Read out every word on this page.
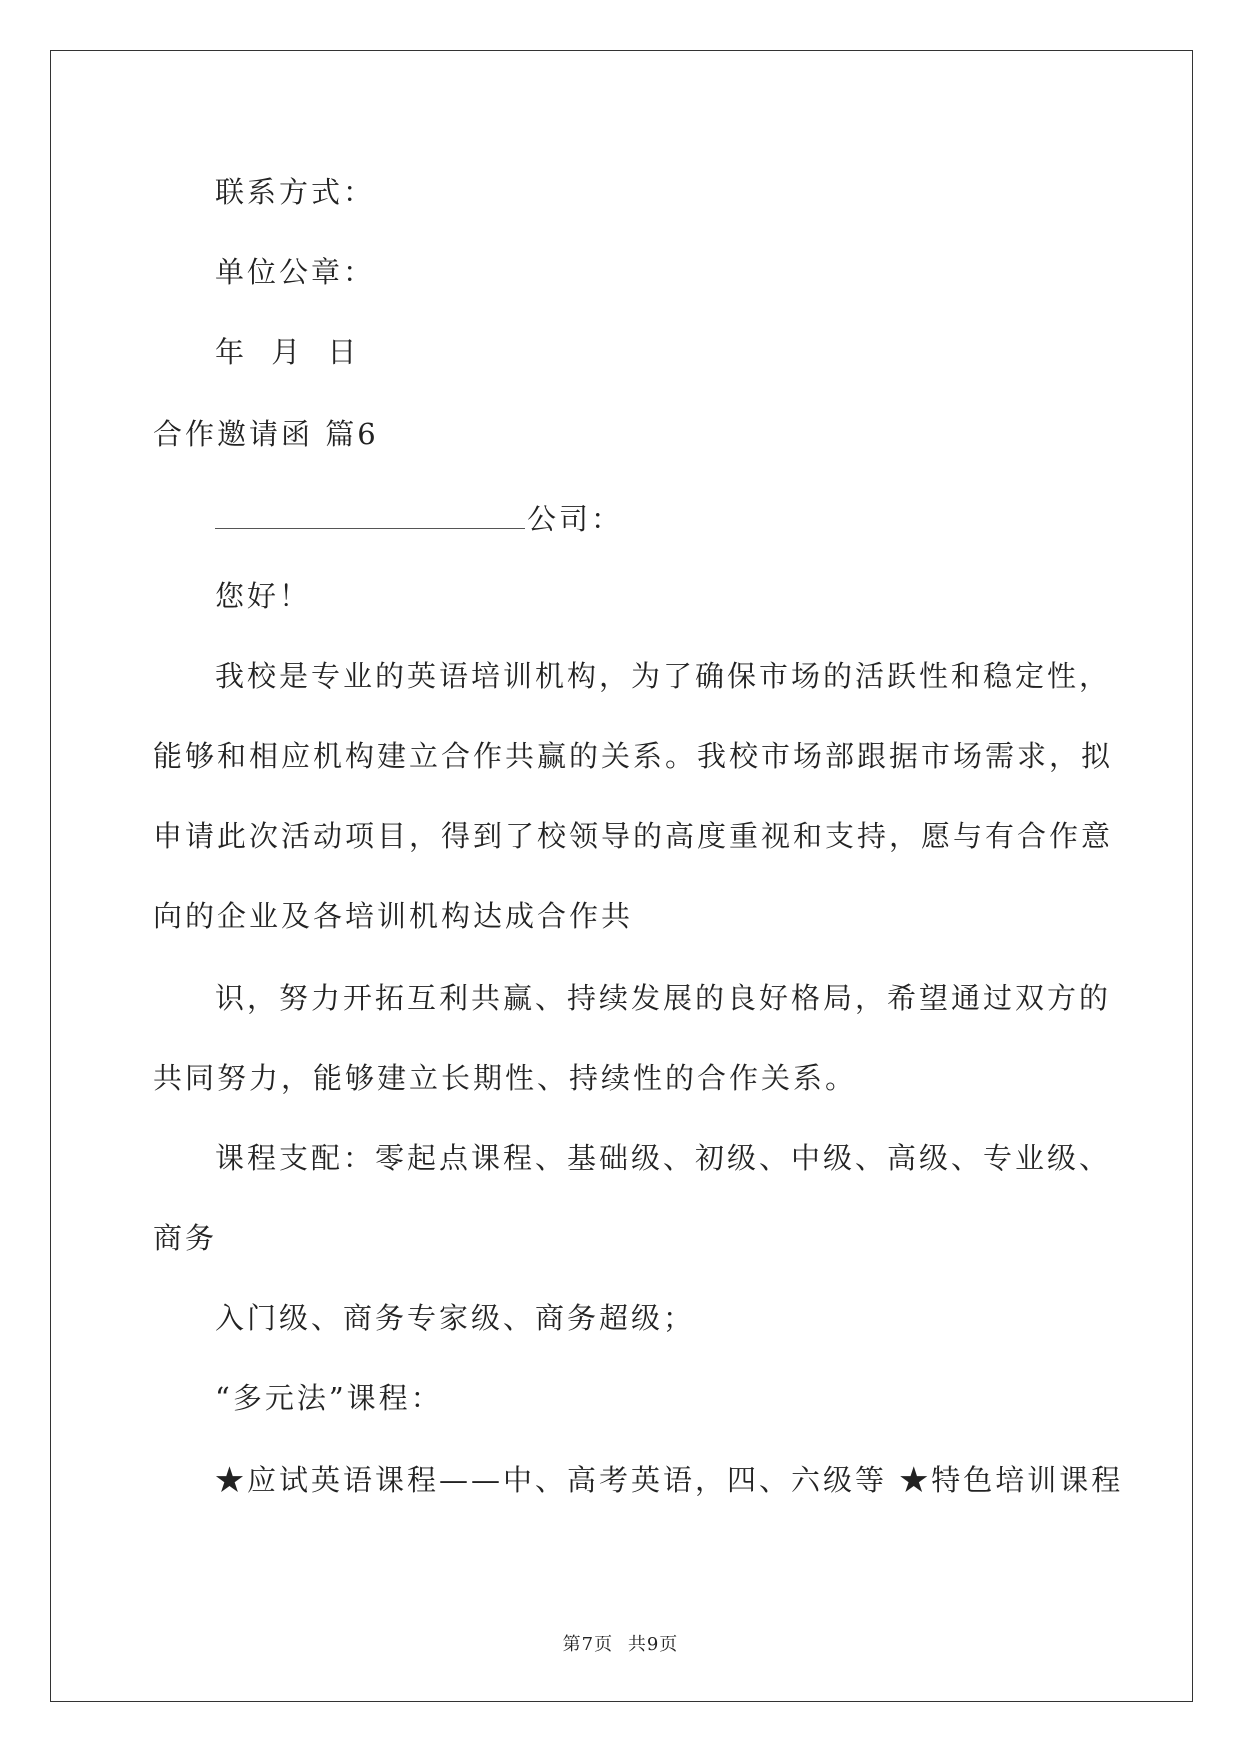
联系方式：
单位公章：
年 月 日
合作邀请函 篇6
公司：
您好！
我校是专业的英语培训机构，为了确保市场的活跃性和稳定性，
能够和相应机构建立合作共赢的关系。我校市场部跟据市场需求，拟
申请此次活动项目，得到了校领导的高度重视和支持，愿与有合作意
向的企业及各培训机构达成合作共
识，努力开拓互利共赢、持续发展的良好格局，希望通过双方的
共同努力，能够建立长期性、持续性的合作关系。
课程支配：零起点课程、基础级、初级、中级、高级、专业级、
商务
入门级、商务专家级、商务超级；
“多元法”课程：
★应试英语课程——中、高考英语，四、六级等 ★特色培训课程
第7页 共9页
